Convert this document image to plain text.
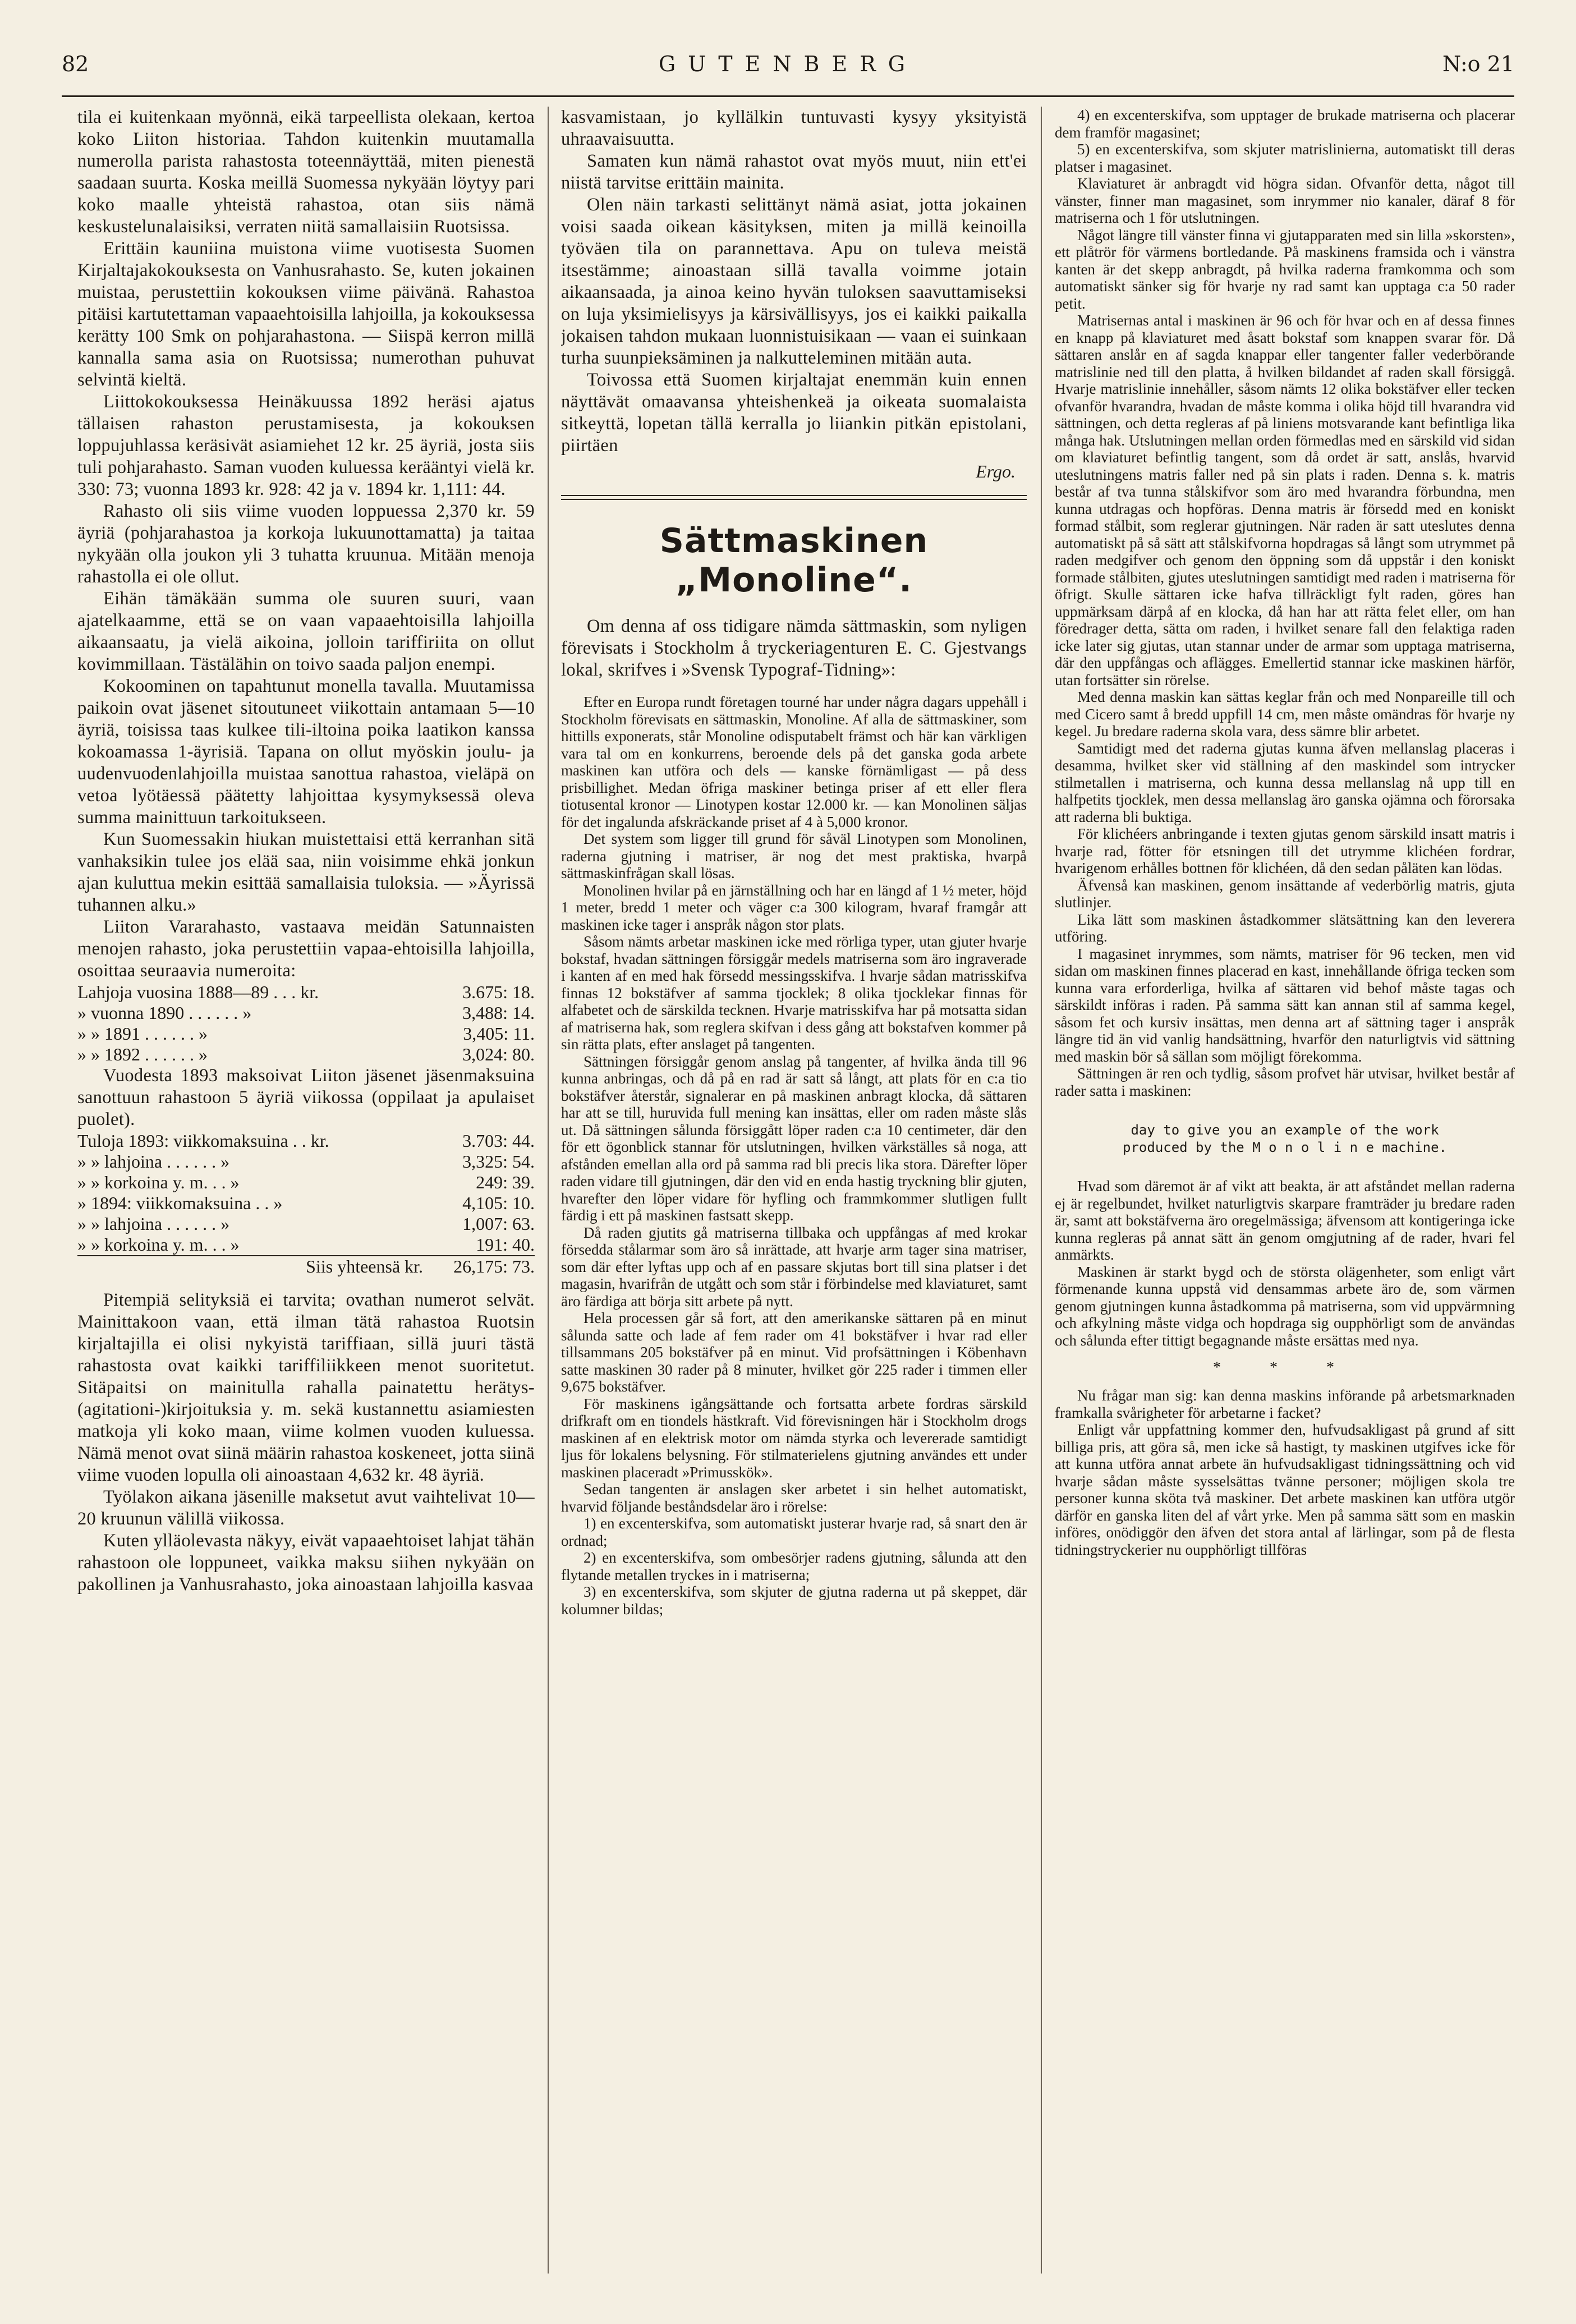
82	GUTENBERG	N:o 21

tila ei kuitenkaan myönnä, eikä tarpeellista olekaan, kertoa koko Liiton historiaa. Tahdon kuitenkin muutamalla numerolla parista rahastosta toteennäyttää, miten pienestä saadaan suurta. Koska meillä Suomessa nykyään löytyy pari koko maalle yhteistä rahastoa, otan siis nämä keskustelunalaisiksi, verraten niitä samallaisiin Ruotsissa.

Erittäin kauniina muistona viime vuotisesta Suomen Kirjaltajakokouksesta on Vanhusrahasto. Se, kuten jokainen muistaa, perustettiin kokouksen viime päivänä. Rahastoa pitäisi kartutettaman vapaaehtoisilla lahjoilla, ja kokouksessa kerätty 100 Smk on pohjarahastona. — Siispä kerron millä kannalla sama asia on Ruotsissa; numerothan puhuvat selvintä kieltä.

Liittokokouksessa Heinäkuussa 1892 heräsi ajatus tällaisen rahaston perustamisesta, ja kokouksen loppujuhlassa keräsivät asiamiehet 12 kr. 25 äyriä, josta siis tuli pohjarahasto. Saman vuoden kuluessa kerääntyi vielä kr. 330: 73; vuonna 1893 kr. 928: 42 ja v. 1894 kr. 1,111: 44.

Rahasto oli siis viime vuoden loppuessa 2,370 kr. 59 äyriä (pohjarahastoa ja korkoja lukuunottamatta) ja taitaa nykyään olla joukon yli 3 tuhatta kruunua. Mitään menoja rahastolla ei ole ollut.

Eihän tämäkään summa ole suuren suuri, vaan ajatelkaamme, että se on vaan vapaaehtoisilla lahjoilla aikaansaatu, ja vielä aikoina, jolloin tariffiriita on ollut kovimmillaan. Tästälähin on toivo saada paljon enempi.

Kokoominen on tapahtunut monella tavalla. Muutamissa paikoin ovat jäsenet sitoutuneet viikottain antamaan 5—10 äyriä, toisissa taas kulkee tili-iltoina poika laatikon kanssa kokoamassa 1-äyrisiä. Tapana on ollut myöskin joulu- ja uudenvuodenlahjoilla muistaa sanottua rahastoa, vieläpä on vetoa lyötäessä päätetty lahjoittaa kysymyksessä oleva summa mainittuun tarkoitukseen.

Kun Suomessakin hiukan muistettaisi että kerranhan sitä vanhaksikin tulee jos elää saa, niin voisimme ehkä jonkun ajan kuluttua mekin esittää samallaisia tuloksia. — »Äyrissä tuhannen alku.»

Liiton Vararahasto, vastaava meidän Satunnaisten menojen rahasto, joka perustettiin vapaa-ehtoisilla lahjoilla, osoittaa seuraavia numeroita:

Lahjoja vuosina 1888—89 . . . kr.	3.675: 18.
» vuonna 1890 . . . . . . »	3,488: 14.
» » 1891 . . . . . . »	3,405: 11.
» » 1892 . . . . . . »	3,024: 80.

Vuodesta 1893 maksoivat Liiton jäsenet jäsenmaksuina sanottuun rahastoon 5 äyriä viikossa (oppilaat ja apulaiset puolet).

Tuloja 1893: viikkomaksuina . . kr.	3.703: 44.
» » lahjoina . . . . . . »	3,325: 54.
» » korkoina y. m. . . »	249: 39.
» 1894: viikkomaksuina . . »	4,105: 10.
» » lahjoina . . . . . . »	1,007: 63.
» » korkoina y. m. . . »	191: 40.
Siis yhteensä kr.	26,175: 73.

Pitempiä selityksiä ei tarvita; ovathan numerot selvät. Mainittakoon vaan, että ilman tätä rahastoa Ruotsin kirjaltajilla ei olisi nykyistä tariffiaan, sillä juuri tästä rahastosta ovat kaikki tariffiliikkeen menot suoritetut. Sitäpaitsi on mainitulla rahalla painatettu herätys-(agitationi-)kirjoituksia y. m. sekä kustannettu asiamiesten matkoja yli koko maan, viime kolmen vuoden kuluessa. Nämä menot ovat siinä määrin rahastoa koskeneet, jotta siinä viime vuoden lopulla oli ainoastaan 4,632 kr. 48 äyriä.

Työlakon aikana jäsenille maksetut avut vaihtelivat 10—20 kruunun välillä viikossa.

Kuten ylläolevasta näkyy, eivät vapaaehtoiset lahjat tähän rahastoon ole loppuneet, vaikka maksu siihen nykyään on pakollinen ja Vanhusrahasto, joka ainoastaan lahjoilla kasvaa

kasvamistaan, jo kyllälkin tuntuvasti kysyy yksityistä uhraavaisuutta.

Samaten kun nämä rahastot ovat myös muut, niin ett'ei niistä tarvitse erittäin mainita.

Olen näin tarkasti selittänyt nämä asiat, jotta jokainen voisi saada oikean käsityksen, miten ja millä keinoilla työväen tila on parannettava. Apu on tuleva meistä itsestämme; ainoastaan sillä tavalla voimme jotain aikaansaada, ja ainoa keino hyvän tuloksen saavuttamiseksi on luja yksimielisyys ja kärsivällisyys, jos ei kaikki paikalla jokaisen tahdon mukaan luonnistuisikaan — vaan ei suinkaan turha suunpieksäminen ja nalkutteleminen mitään auta.

Toivossa että Suomen kirjaltajat enemmän kuin ennen näyttävät omaavansa yhteishenkeä ja oikeata suomalaista sitkeyttä, lopetan tällä kerralla jo liiankin pitkän epistolani, piirtäen

Ergo.
Sättmaskinen „Monoline“.

Om denna af oss tidigare nämda sättmaskin, som nyligen förevisats i Stockholm å tryckeriagenturen E. C. Gjestvangs lokal, skrifves i »Svensk Typograf-Tidning»:

Efter en Europa rundt företagen tourné har under några dagars uppehåll i Stockholm förevisats en sättmaskin, Monoline. Af alla de sättmaskiner, som hittills exponerats, står Monoline odisputabelt främst och här kan värkligen vara tal om en konkurrens, beroende dels på det ganska goda arbete maskinen kan utföra och dels — kanske förnämligast — på dess prisbillighet. Medan öfriga maskiner betinga priser af ett eller flera tiotusental kronor — Linotypen kostar 12.000 kr. — kan Monolinen säljas för det ingalunda afskräckande priset af 4 à 5,000 kronor.

Det system som ligger till grund för såväl Linotypen som Monolinen, raderna gjutning i matriser, är nog det mest praktiska, hvarpå sättmaskinfrågan skall lösas.

Monolinen hvilar på en järnställning och har en längd af 1 ½ meter, höjd 1 meter, bredd 1 meter och väger c:a 300 kilogram, hvaraf framgår att maskinen icke tager i anspråk någon stor plats.

Såsom nämts arbetar maskinen icke med rörliga typer, utan gjuter hvarje bokstaf, hvadan sättningen försiggår medels matriserna som äro ingraverade i kanten af en med hak försedd messingsskifva. I hvarje sådan matrisskifva finnas 12 bokstäfver af samma tjocklek; 8 olika tjocklekar finnas för alfabetet och de särskilda tecknen. Hvarje matrisskifva har på motsatta sidan af matriserna hak, som reglera skifvan i dess gång att bokstafven kommer på sin rätta plats, efter anslaget på tangenten.

Sättningen försiggår genom anslag på tangenter, af hvilka ända till 96 kunna anbringas, och då på en rad är satt så långt, att plats för en c:a tio bokstäfver återstår, signalerar en på maskinen anbragt klocka, då sättaren har att se till, huruvida full mening kan insättas, eller om raden måste slås ut. Då sättningen sålunda försiggått löper raden c:a 10 centimeter, där den för ett ögonblick stannar för utslutningen, hvilken värkställes så noga, att afstånden emellan alla ord på samma rad bli precis lika stora. Därefter löper raden vidare till gjutningen, där den vid en enda hastig tryckning blir gjuten, hvarefter den löper vidare för hyfling och frammkommer slutligen fullt färdig i ett på maskinen fastsatt skepp.

Då raden gjutits gå matriserna tillbaka och uppfångas af med krokar försedda stålarmar som äro så inrättade, att hvarje arm tager sina matriser, som där efter lyftas upp och af en passare skjutas bort till sina platser i det magasin, hvarifrån de utgått och som står i förbindelse med klaviaturet, samt äro färdiga att börja sitt arbete på nytt.

Hela processen går så fort, att den amerikanske sättaren på en minut sålunda satte och lade af fem rader om 41 bokstäfver i hvar rad eller tillsammans 205 bokstäfver på en minut. Vid profsättningen i Köbenhavn satte maskinen 30 rader på 8 minuter, hvilket gör 225 rader i timmen eller 9,675 bokstäfver.

För maskinens igångsättande och fortsatta arbete fordras särskild drifkraft om en tiondels hästkraft. Vid förevisningen här i Stockholm drogs maskinen af en elektrisk motor om nämda styrka och levererade samtidigt ljus för lokalens belysning. För stilmaterielens gjutning användes ett under maskinen placeradt »Primusskök».

Sedan tangenten är anslagen sker arbetet i sin helhet automatiskt, hvarvid följande beståndsdelar äro i rörelse:

1) en excenterskifva, som automatiskt justerar hvarje rad, så snart den är ordnad;

2) en excenterskifva, som ombesörjer radens gjutning, sålunda att den flytande metallen tryckes in i matriserna;

3) en excenterskifva, som skjuter de gjutna raderna ut på skeppet, där kolumner bildas;

4) en excenterskifva, som upptager de brukade matriserna och placerar dem framför magasinet;

5) en excenterskifva, som skjuter matrislinierna, automatiskt till deras platser i magasinet.

Klaviaturet är anbragdt vid högra sidan. Ofvanför detta, något till vänster, finner man magasinet, som inrymmer nio kanaler, däraf 8 för matriserna och 1 för utslutningen.

Något längre till vänster finna vi gjutapparaten med sin lilla »skorsten», ett plåtrör för värmens bortledande. På maskinens framsida och i vänstra kanten är det skepp anbragdt, på hvilka raderna framkomma och som automatiskt sänker sig för hvarje ny rad samt kan upptaga c:a 50 rader petit.

Matrisernas antal i maskinen är 96 och för hvar och en af dessa finnes en knapp på klaviaturet med åsatt bokstaf som knappen svarar för. Då sättaren anslår en af sagda knappar eller tangenter faller vederbörande matrislinie ned till den platta, å hvilken bildandet af raden skall försiggå. Hvarje matrislinie innehåller, såsom nämts 12 olika bokstäfver eller tecken ofvanför hvarandra, hvadan de måste komma i olika höjd till hvarandra vid sättningen, och detta regleras af på liniens motsvarande kant befintliga lika många hak. Utslutningen mellan orden förmedlas med en särskild vid sidan om klaviaturet befintlig tangent, som då ordet är satt, anslås, hvarvid uteslutningens matris faller ned på sin plats i raden. Denna s. k. matris består af tva tunna stålskifvor som äro med hvarandra förbundna, men kunna utdragas och hopföras. Denna matris är försedd med en koniskt formad stålbit, som reglerar gjutningen. När raden är satt uteslutes denna automatiskt på så sätt att stålskifvorna hopdragas så långt som utrymmet på raden medgifver och genom den öppning som då uppstår i den koniskt formade stålbiten, gjutes uteslutningen samtidigt med raden i matriserna för öfrigt. Skulle sättaren icke hafva tillräckligt fylt raden, göres han uppmärksam därpå af en klocka, då han har att rätta felet eller, om han föredrager detta, sätta om raden, i hvilket senare fall den felaktiga raden icke later sig gjutas, utan stannar under de armar som upptaga matriserna, där den uppfångas och aflägges. Emellertid stannar icke maskinen härför, utan fortsätter sin rörelse.

Med denna maskin kan sättas keglar från och med Nonpareille till och med Cicero samt å bredd uppfill 14 cm, men måste omändras för hvarje ny kegel. Ju bredare raderna skola vara, dess sämre blir arbetet.

Samtidigt med det raderna gjutas kunna äfven mellanslag placeras i desamma, hvilket sker vid ställning af den maskindel som intrycker stilmetallen i matriserna, och kunna dessa mellanslag nå upp till en halfpetits tjocklek, men dessa mellanslag äro ganska ojämna och förorsaka att raderna bli buktiga.

För klichéers anbringande i texten gjutas genom särskild insatt matris i hvarje rad, fötter för etsningen till det utrymme klichéen fordrar, hvarigenom erhålles bottnen för klichéen, då den sedan påläten kan lödas.

Äfvenså kan maskinen, genom insättande af vederbörlig matris, gjuta slutlinjer.

Lika lätt som maskinen åstadkommer slätsättning kan den leverera utföring.

I magasinet inrymmes, som nämts, matriser för 96 tecken, men vid sidan om maskinen finnes placerad en kast, innehållande öfriga tecken som kunna vara erforderliga, hvilka af sättaren vid behof måste tagas och särskildt införas i raden. På samma sätt kan annan stil af samma kegel, såsom fet och kursiv insättas, men denna art af sättning tager i anspråk längre tid än vid vanlig handsättning, hvarför den naturligtvis vid sättning med maskin bör så sällan som möjligt förekomma.

Sättningen är ren och tydlig, såsom profvet här utvisar, hvilket består af rader satta i maskinen:

day to give you an example of the work
produced by the M o n o l i n e machine.

Hvad som däremot är af vikt att beakta, är att afståndet mellan raderna ej är regelbundet, hvilket naturligtvis skarpare framträder ju bredare raden är, samt att bokstäfverna äro oregelmässiga; äfvensom att kontigeringa icke kunna regleras på annat sätt än genom omgjutning af de rader, hvari fel anmärkts.

Maskinen är starkt bygd och de största olägenheter, som enligt vårt förmenande kunna uppstå vid densammas arbete äro de, som värmen genom gjutningen kunna åstadkomma på matriserna, som vid uppvärmning och afkylning måste vidga och hopdraga sig oupphörligt som de användas och sålunda efter tittigt begagnande måste ersättas med nya.

* * *

Nu frågar man sig: kan denna maskins införande på arbetsmarknaden framkalla svårigheter för arbetarne i facket?

Enligt vår uppfattning kommer den, hufvudsakligast på grund af sitt billiga pris, att göra så, men icke så hastigt, ty maskinen utgifves icke för att kunna utföra annat arbete än hufvudsakligast tidningssättning och vid hvarje sådan måste sysselsättas tvänne personer; möjligen skola tre personer kunna sköta två maskiner. Det arbete maskinen kan utföra utgör därför en ganska liten del af vårt yrke. Men på samma sätt som en maskin införes, onödiggör den äfven det stora antal af lärlingar, som på de flesta tidningstryckerier nu oupphörligt tillföras
